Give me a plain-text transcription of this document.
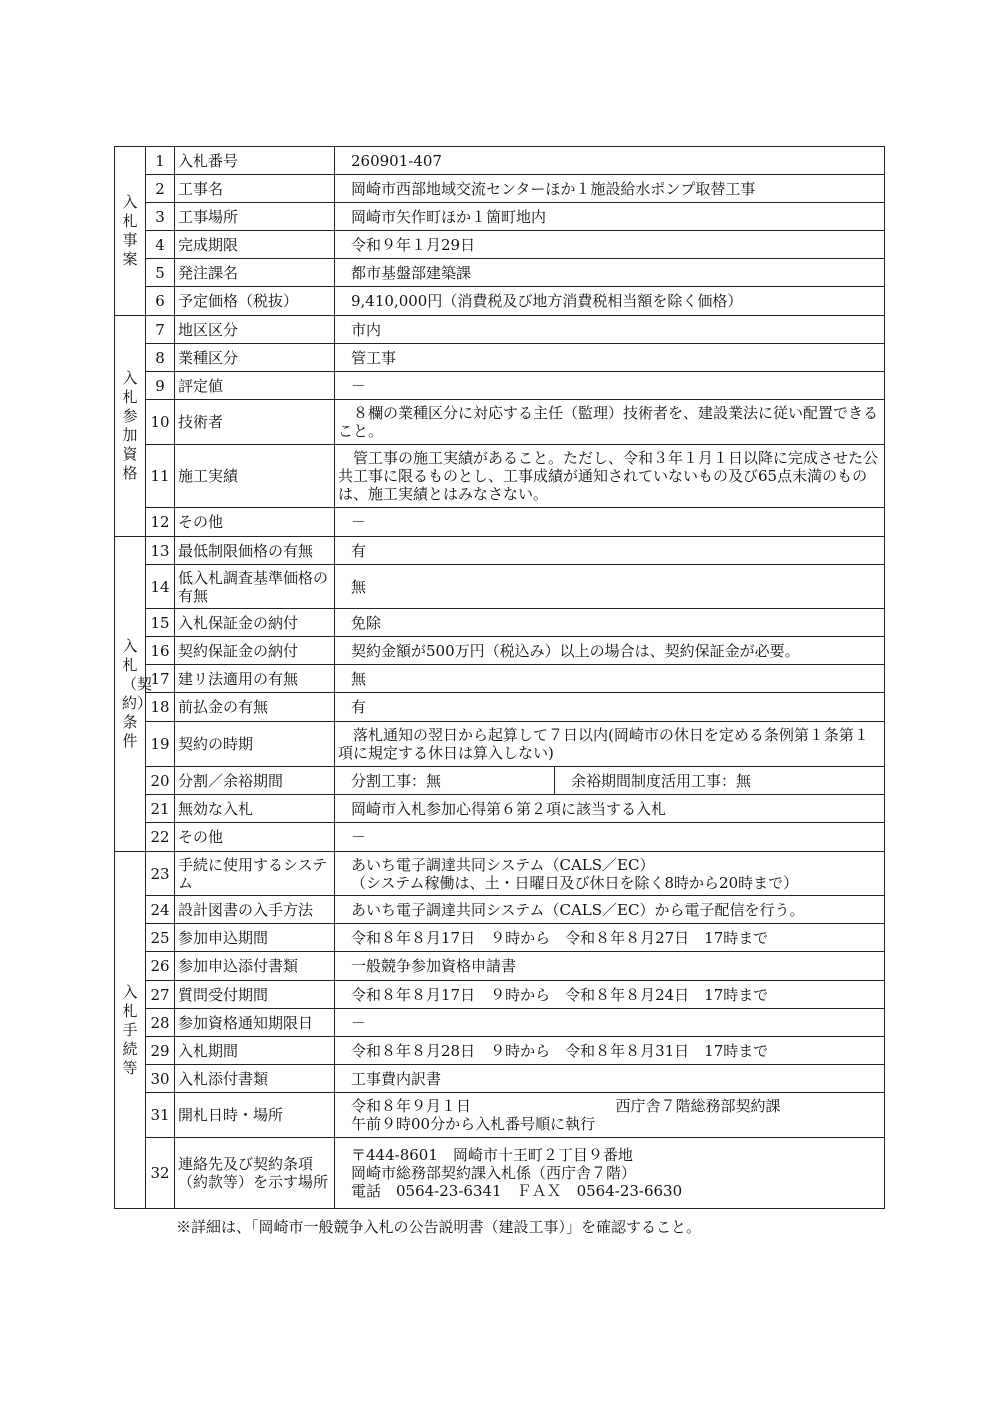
入札事案	1	入札番号	260901-407	
	2	工事名	岡崎市西部地域交流センターほか１施設給水ポンプ取替工事	
	3	工事場所	岡崎市矢作町ほか１箇町地内	
	4	完成期限	令和９年１月29日	
	5	発注課名	都市基盤部建築課	
	6	予定価格（税抜）	9,410,000円（消費税及び地方消費税相当額を除く価格）	
入札参加資格	7	地区区分	市内	
	8	業種区分	管工事	
	9	評定値	－	
	10	技術者	　８欄の業種区分に対応する主任（監理）技術者を、建設業法に従い配置できること。	
	11	施工実績	　管工事の施工実績があること。ただし、令和３年１月１日以降に完成させた公共工事に限るものとし、工事成績が通知されていないもの及び65点未満のものは、施工実績とはみなさない。	
	12	その他	－	
入札（契約）条件	13	最低制限価格の有無	有	
	14	低入札調査基準価格の有無	無	
	15	入札保証金の納付	免除	
	16	契約保証金の納付	契約金額が500万円（税込み）以上の場合は、契約保証金が必要。	
	17	建リ法適用の有無	無	
	18	前払金の有無	有	
	19	契約の時期	　落札通知の翌日から起算して７日以内(岡崎市の休日を定める条例第１条第１項に規定する休日は算入しない)	
	20	分割／余裕期間	分割工事：無	余裕期間制度活用工事：無
	21	無効な入札	岡崎市入札参加心得第６第２項に該当する入札	
	22	その他	－	
入札手続等	23	手続に使用するシステム	あいち電子調達共同システム（CALS／EC）
（システム稼働は、土・日曜日及び休日を除く8時から20時まで）	
	24	設計図書の入手方法	あいち電子調達共同システム（CALS／EC）から電子配信を行う。	
	25	参加申込期間	令和８年８月17日　９時から　令和８年８月27日　17時まで	
	26	参加申込添付書類	一般競争参加資格申請書	
	27	質問受付期間	令和８年８月17日　９時から　令和８年８月24日　17時まで	
	28	参加資格通知期限日	－	
	29	入札期間	令和８年８月28日　９時から　令和８年８月31日　17時まで	
	30	入札添付書類	工事費内訳書	
	31	開札日時・場所	令和８年９月１日 西庁舎７階総務部契約課
午前９時00分から入札番号順に執行	

	32	連絡先及び契約条項（約款等）を示す場所	〒444-8601　岡崎市十王町２丁目９番地
岡崎市総務部契約課入札係（西庁舎７階）
電話　0564-23-6341　ＦＡＸ　0564-23-6630	
※詳細は、「岡崎市一般競争入札の公告説明書（建設工事）」を確認すること。
